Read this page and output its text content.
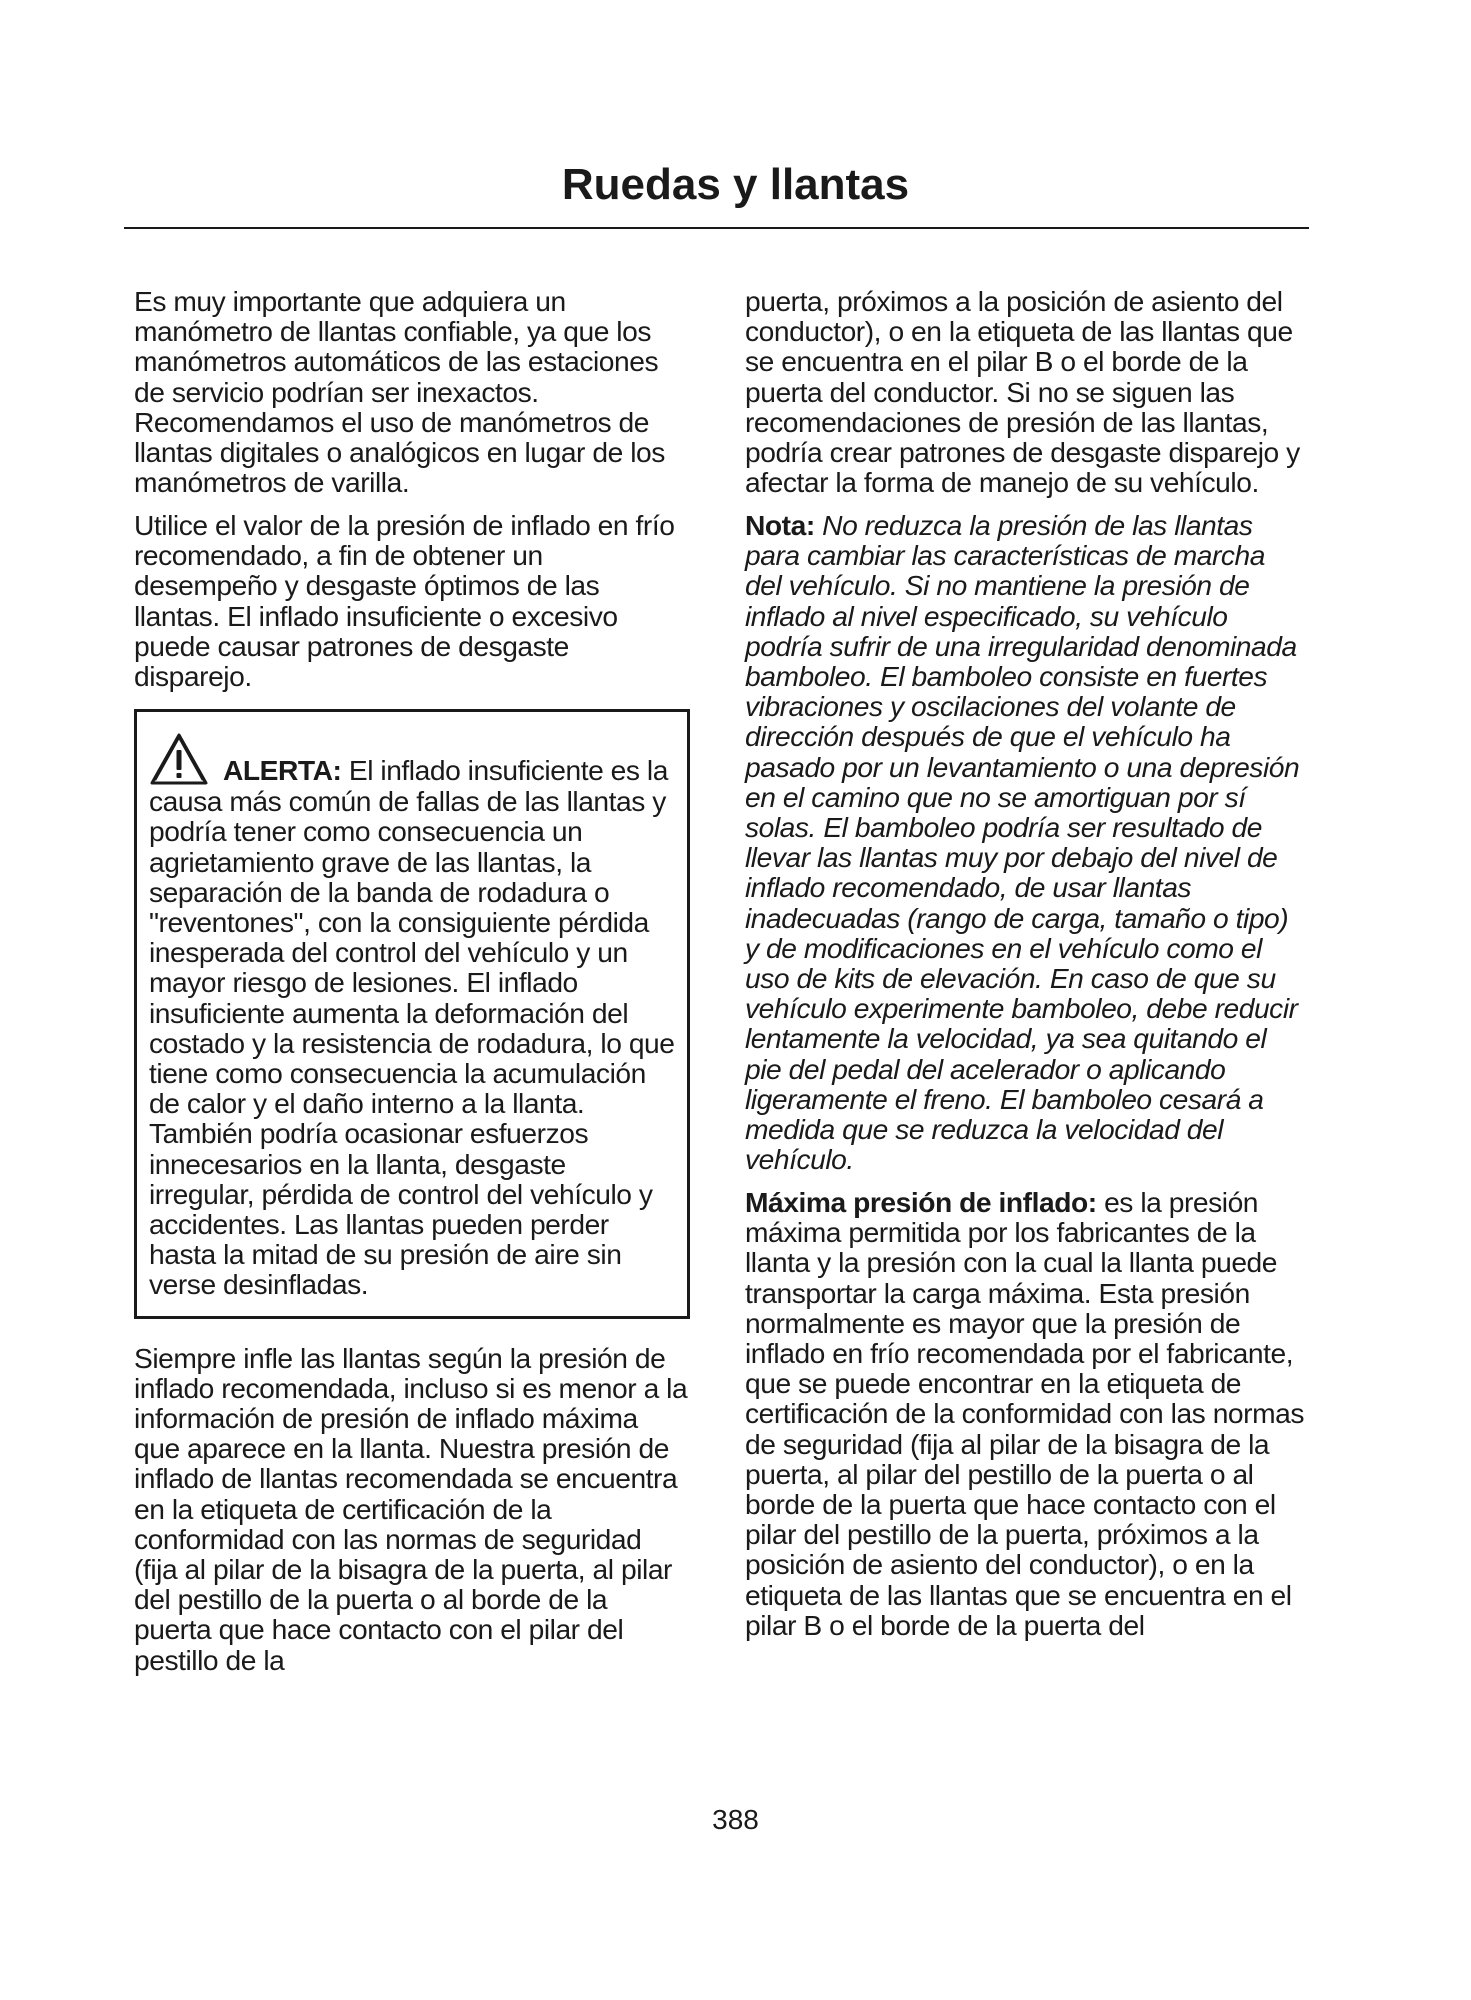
Ruedas y llantas

Es muy importante que adquiera un manómetro de llantas confiable, ya que los manómetros automáticos de las estaciones de servicio podrían ser inexactos. Recomendamos el uso de manómetros de llantas digitales o analógicos en lugar de los manómetros de varilla.

Utilice el valor de la presión de inflado en frío recomendado, a fin de obtener un desempeño y desgaste óptimos de las llantas. El inflado insuficiente o excesivo puede causar patrones de desgaste disparejo.

ALERTA: El inflado insuficiente es la causa más común de fallas de las llantas y podría tener como consecuencia un agrietamiento grave de las llantas, la separación de la banda de rodadura o "reventones", con la consiguiente pérdida inesperada del control del vehículo y un mayor riesgo de lesiones. El inflado insuficiente aumenta la deformación del costado y la resistencia de rodadura, lo que tiene como consecuencia la acumulación de calor y el daño interno a la llanta. También podría ocasionar esfuerzos innecesarios en la llanta, desgaste irregular, pérdida de control del vehículo y accidentes. Las llantas pueden perder hasta la mitad de su presión de aire sin verse desinfladas.

Siempre infle las llantas según la presión de inflado recomendada, incluso si es menor a la información de presión de inflado máxima que aparece en la llanta. Nuestra presión de inflado de llantas recomendada se encuentra en la etiqueta de certificación de la conformidad con las normas de seguridad (fija al pilar de la bisagra de la puerta, al pilar del pestillo de la puerta o al borde de la puerta que hace contacto con el pilar del pestillo de la

puerta, próximos a la posición de asiento del conductor), o en la etiqueta de las llantas que se encuentra en el pilar B o el borde de la puerta del conductor. Si no se siguen las recomendaciones de presión de las llantas, podría crear patrones de desgaste disparejo y afectar la forma de manejo de su vehículo.

Nota: No reduzca la presión de las llantas para cambiar las características de marcha del vehículo. Si no mantiene la presión de inflado al nivel especificado, su vehículo podría sufrir de una irregularidad denominada bamboleo. El bamboleo consiste en fuertes vibraciones y oscilaciones del volante de dirección después de que el vehículo ha pasado por un levantamiento o una depresión en el camino que no se amortiguan por sí solas. El bamboleo podría ser resultado de llevar las llantas muy por debajo del nivel de inflado recomendado, de usar llantas inadecuadas (rango de carga, tamaño o tipo) y de modificaciones en el vehículo como el uso de kits de elevación. En caso de que su vehículo experimente bamboleo, debe reducir lentamente la velocidad, ya sea quitando el pie del pedal del acelerador o aplicando ligeramente el freno. El bamboleo cesará a medida que se reduzca la velocidad del vehículo.

Máxima presión de inflado: es la presión máxima permitida por los fabricantes de la llanta y la presión con la cual la llanta puede transportar la carga máxima. Esta presión normalmente es mayor que la presión de inflado en frío recomendada por el fabricante, que se puede encontrar en la etiqueta de certificación de la conformidad con las normas de seguridad (fija al pilar de la bisagra de la puerta, al pilar del pestillo de la puerta o al borde de la puerta que hace contacto con el pilar del pestillo de la puerta, próximos a la posición de asiento del conductor), o en la etiqueta de las llantas que se encuentra en el pilar B o el borde de la puerta del

388
